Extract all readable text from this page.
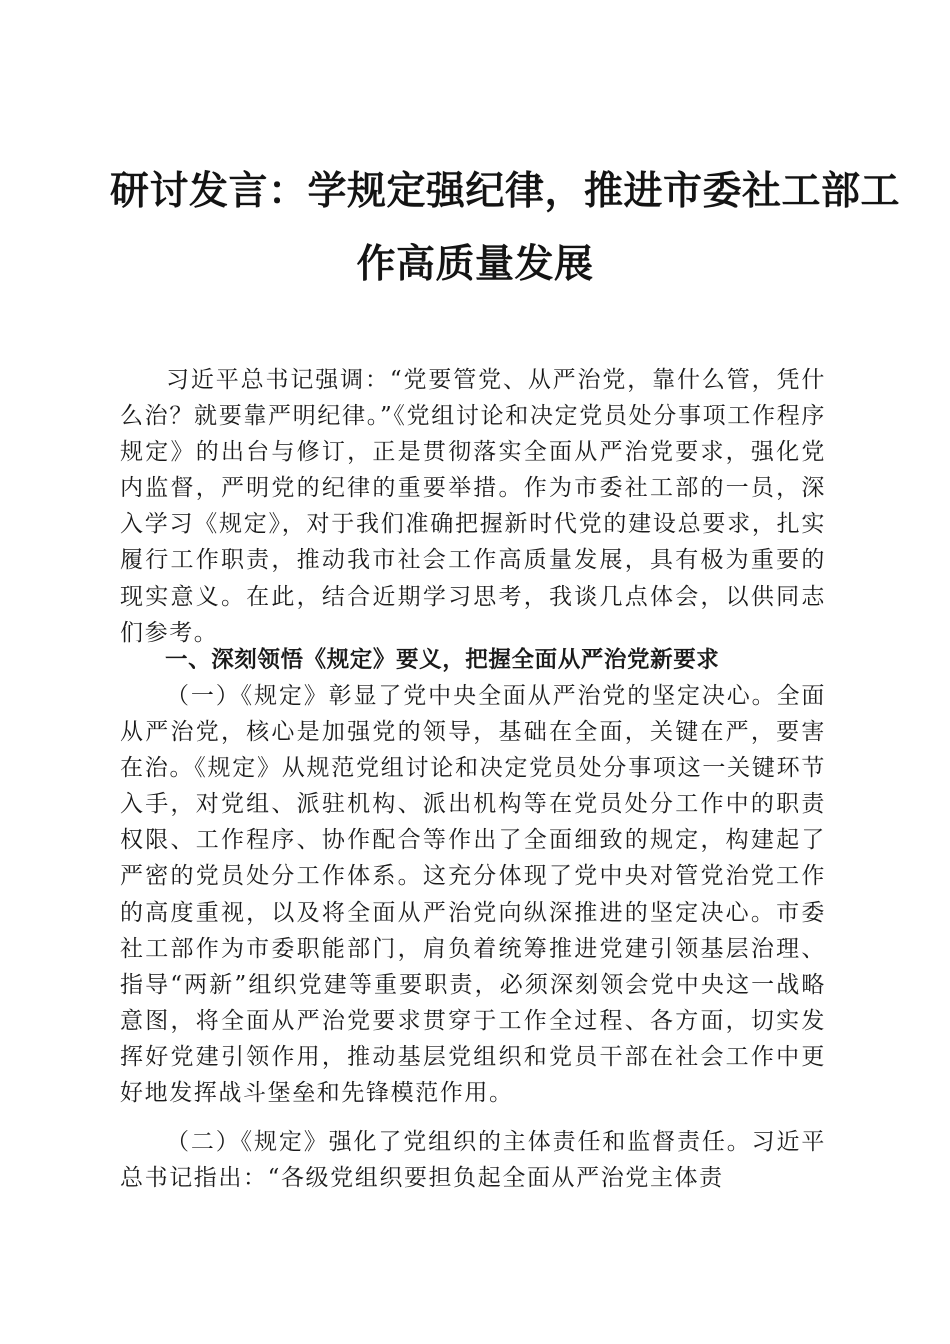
研讨发言：学规定强纪律，推进市委社工部工
作高质量发展

习近平总书记强调：“党要管党、从严治党，靠什么管，凭什么治？就要靠严明纪律。”《党组讨论和决定党员处分事项工作程序规定》的出台与修订，正是贯彻落实全面从严治党要求，强化党内监督，严明党的纪律的重要举措。作为市委社工部的一员，深入学习《规定》，对于我们准确把握新时代党的建设总要求，扎实履行工作职责，推动我市社会工作高质量发展，具有极为重要的现实意义。在此，结合近期学习思考，我谈几点体会，以供同志们参考。

一、深刻领悟《规定》要义，把握全面从严治党新要求

（一）《规定》彰显了党中央全面从严治党的坚定决心。全面从严治党，核心是加强党的领导，基础在全面，关键在严，要害在治。《规定》从规范党组讨论和决定党员处分事项这一关键环节入手，对党组、派驻机构、派出机构等在党员处分工作中的职责权限、工作程序、协作配合等作出了全面细致的规定，构建起了严密的党员处分工作体系。这充分体现了党中央对管党治党工作的高度重视，以及将全面从严治党向纵深推进的坚定决心。市委社工部作为市委职能部门，肩负着统筹推进党建引领基层治理、指导“两新”组织党建等重要职责，必须深刻领会党中央这一战略意图，将全面从严治党要求贯穿于工作全过程、各方面，切实发挥好党建引领作用，推动基层党组织和党员干部在社会工作中更好地发挥战斗堡垒和先锋模范作用。

（二）《规定》强化了党组织的主体责任和监督责任。习近平总书记指出：“各级党组织要担负起全面从严治党主体责
